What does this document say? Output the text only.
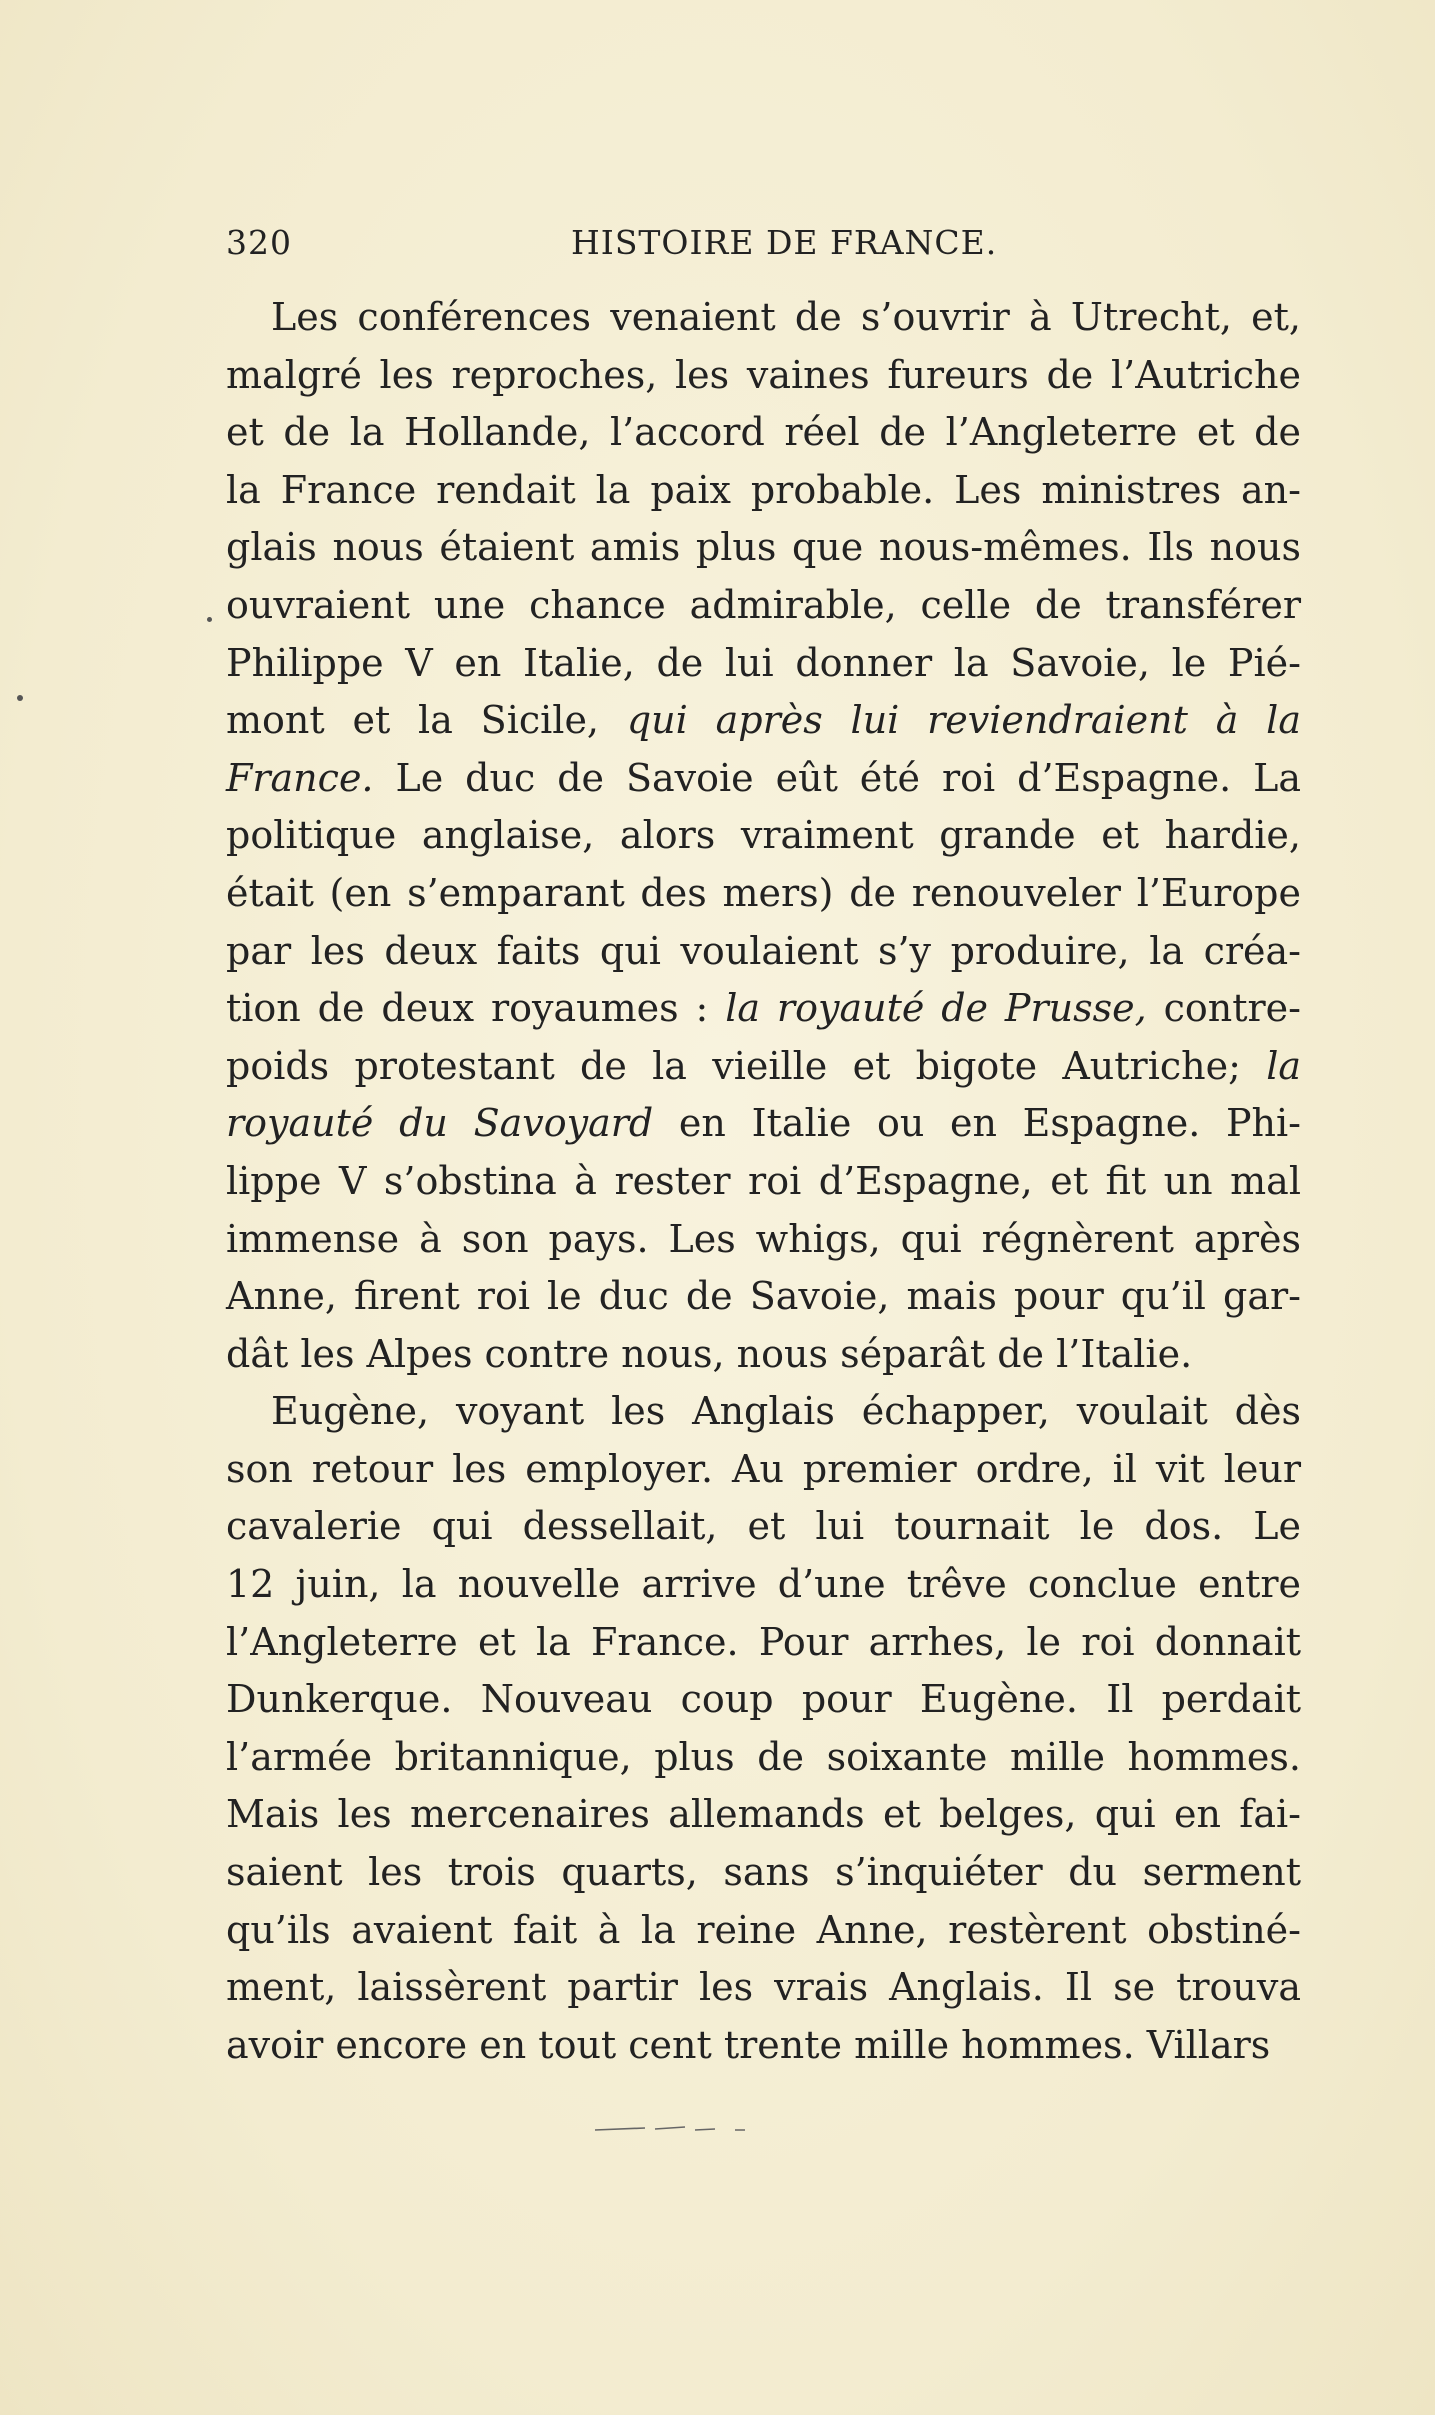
320	HISTOIRE DE FRANCE.
Les conférences venaient de s’ouvrir à Utrecht, et,
malgré les reproches, les vaines fureurs de l’Autriche
et de la Hollande, l’accord réel de l’Angleterre et de
la France rendait la paix probable. Les ministres an-
glais nous étaient amis plus que nous-mêmes. Ils nous
ouvraient une chance admirable, celle de transférer
Philippe V en Italie, de lui donner la Savoie, le Pié-
mont et la Sicile, qui après lui reviendraient à la
France. Le duc de Savoie eût été roi d’Espagne. La
politique anglaise, alors vraiment grande et hardie,
était (en s’emparant des mers) de renouveler l’Europe
par les deux faits qui voulaient s’y produire, la créa-
tion de deux royaumes : la royauté de Prusse, contre-
poids protestant de la vieille et bigote Autriche; la
royauté du Savoyard en Italie ou en Espagne. Phi-
lippe V s’obstina à rester roi d’Espagne, et fit un mal
immense à son pays. Les whigs, qui régnèrent après
Anne, firent roi le duc de Savoie, mais pour qu’il gar-
dât les Alpes contre nous, nous séparât de l’Italie.
Eugène, voyant les Anglais échapper, voulait dès
son retour les employer. Au premier ordre, il vit leur
cavalerie qui dessellait, et lui tournait le dos. Le
12 juin, la nouvelle arrive d’une trêve conclue entre
l’Angleterre et la France. Pour arrhes, le roi donnait
Dunkerque. Nouveau coup pour Eugène. Il perdait
l’armée britannique, plus de soixante mille hommes.
Mais les mercenaires allemands et belges, qui en fai-
saient les trois quarts, sans s’inquiéter du serment
qu’ils avaient fait à la reine Anne, restèrent obstiné-
ment, laissèrent partir les vrais Anglais. Il se trouva
avoir encore en tout cent trente mille hommes. Villars
